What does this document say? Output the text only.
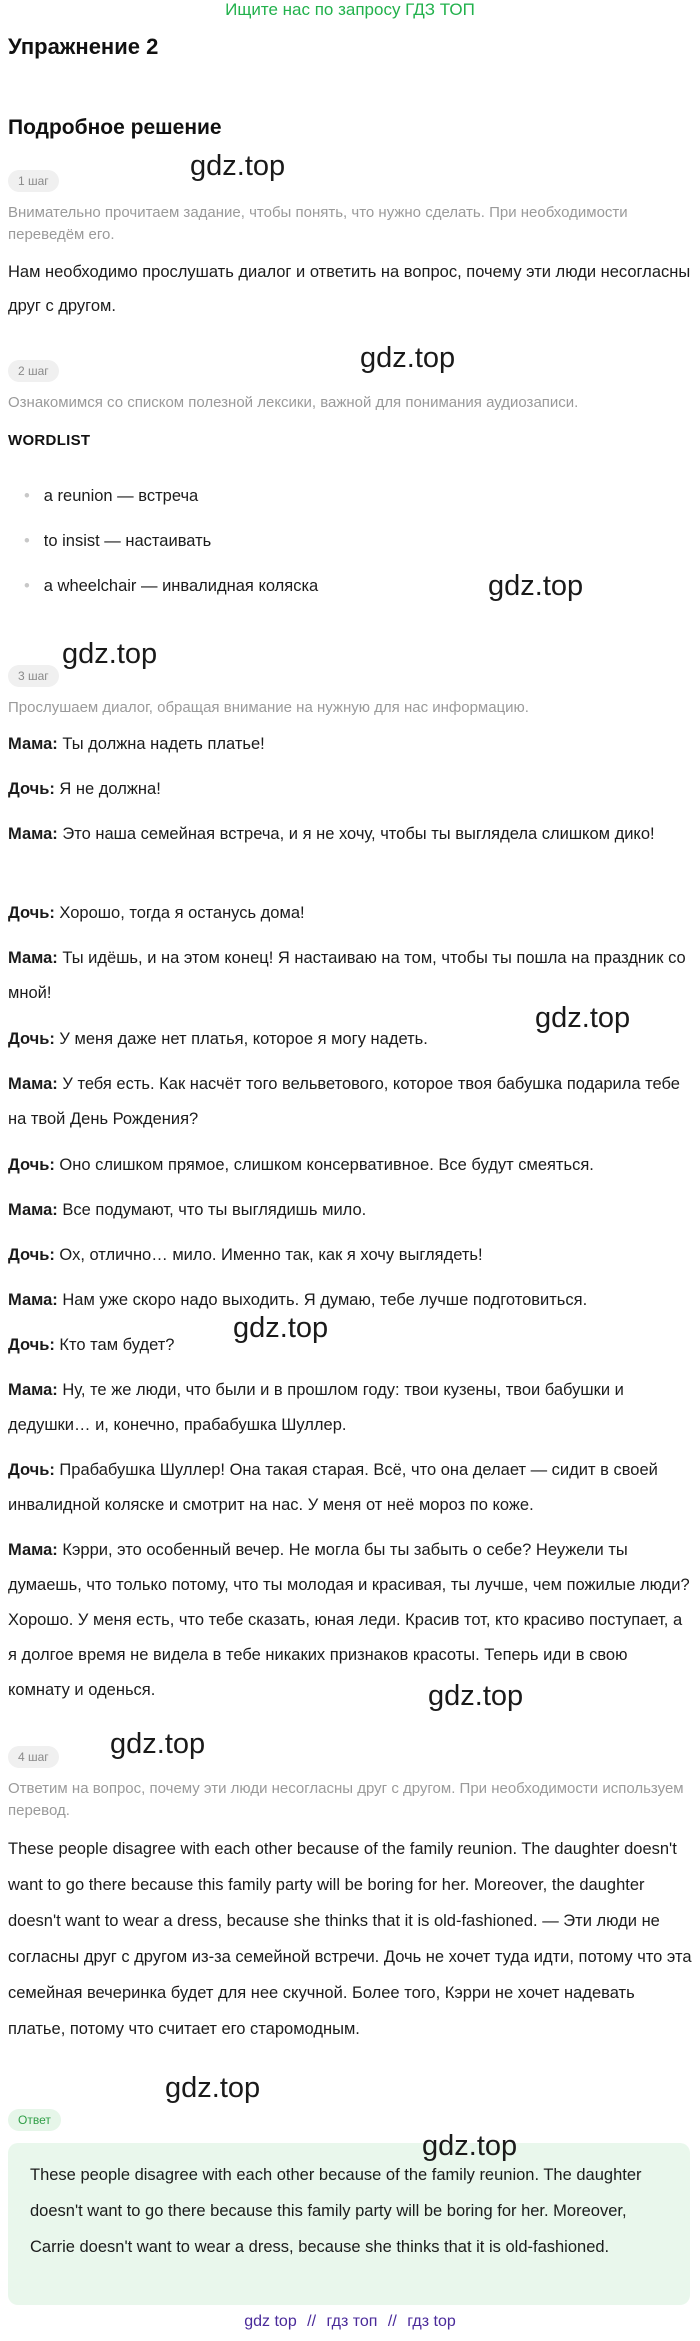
Ищите нас по запросу ГДЗ ТОП
Упражнение 2
Подробное решение
1 шаг	gdz.top
Внимательно прочитаем задание, чтобы понять, что нужно сделать. При необходимости переведём его.
Нам необходимо прослушать диалог и ответить на вопрос, почему эти люди несогласны друг с другом.
gdz.top
2 шаг
Ознакомимся со списком полезной лексики, важной для понимания аудиозаписи.
WORDLIST
• a reunion — встреча
• to insist — настаивать
• a wheelchair — инвалидная коляска	gdz.top
gdz.top
3 шаг
Прослушаем диалог, обращая внимание на нужную для нас информацию.
Мама: Ты должна надеть платье!
Дочь: Я не должна!
Мама: Это наша семейная встреча, и я не хочу, чтобы ты выглядела слишком дико!
Дочь: Хорошо, тогда я останусь дома!
Мама: Ты идёшь, и на этом конец! Я настаиваю на том, чтобы ты пошла на праздник со мной!
gdz.top
Дочь: У меня даже нет платья, которое я могу надеть.
Мама: У тебя есть. Как насчёт того вельветового, которое твоя бабушка подарила тебе на твой День Рождения?
Дочь: Оно слишком прямое, слишком консервативное. Все будут смеяться.
Мама: Все подумают, что ты выглядишь мило.
Дочь: Ох, отлично… мило. Именно так, как я хочу выглядеть!
Мама: Нам уже скоро надо выходить. Я думаю, тебе лучше подготовиться.
Дочь: Кто там будет?
gdz.top
Мама: Ну, те же люди, что были и в прошлом году: твои кузены, твои бабушки и дедушки… и, конечно, прабабушка Шуллер.
Дочь: Прабабушка Шуллер! Она такая старая. Всё, что она делает — сидит в своей инвалидной коляске и смотрит на нас. У меня от неё мороз по коже.
Мама: Кэрри, это особенный вечер. Не могла бы ты забыть о себе? Неужели ты думаешь, что только потому, что ты молодая и красивая, ты лучше, чем пожилые люди? Хорошо. У меня есть, что тебе сказать, юная леди. Красив тот, кто красиво поступает, а я долгое время не видела в тебе никаких признаков красоты. Теперь иди в свою комнату и оденься.	gdz.top
gdz.top
4 шаг
Ответим на вопрос, почему эти люди несогласны друг с другом. При необходимости используем перевод.
These people disagree with each other because of the family reunion. The daughter doesn't want to go there because this family party will be boring for her. Moreover, the daughter doesn't want to wear a dress, because she thinks that it is old-fashioned. — Эти люди не согласны друг с другом из-за семейной встречи. Дочь не хочет туда идти, потому что эта семейная вечеринка будет для нее скучной. Более того, Кэрри не хочет надевать платье, потому что считает его старомодным.
gdz.top
Ответ
These people disagree with each other because of the family reunion. The daughter doesn't want to go there because this family party will be boring for her. Moreover, Carrie doesn't want to wear a dress, because she thinks that it is old-fashioned.
gdz.top
gdz top // гдз топ // гдз top
